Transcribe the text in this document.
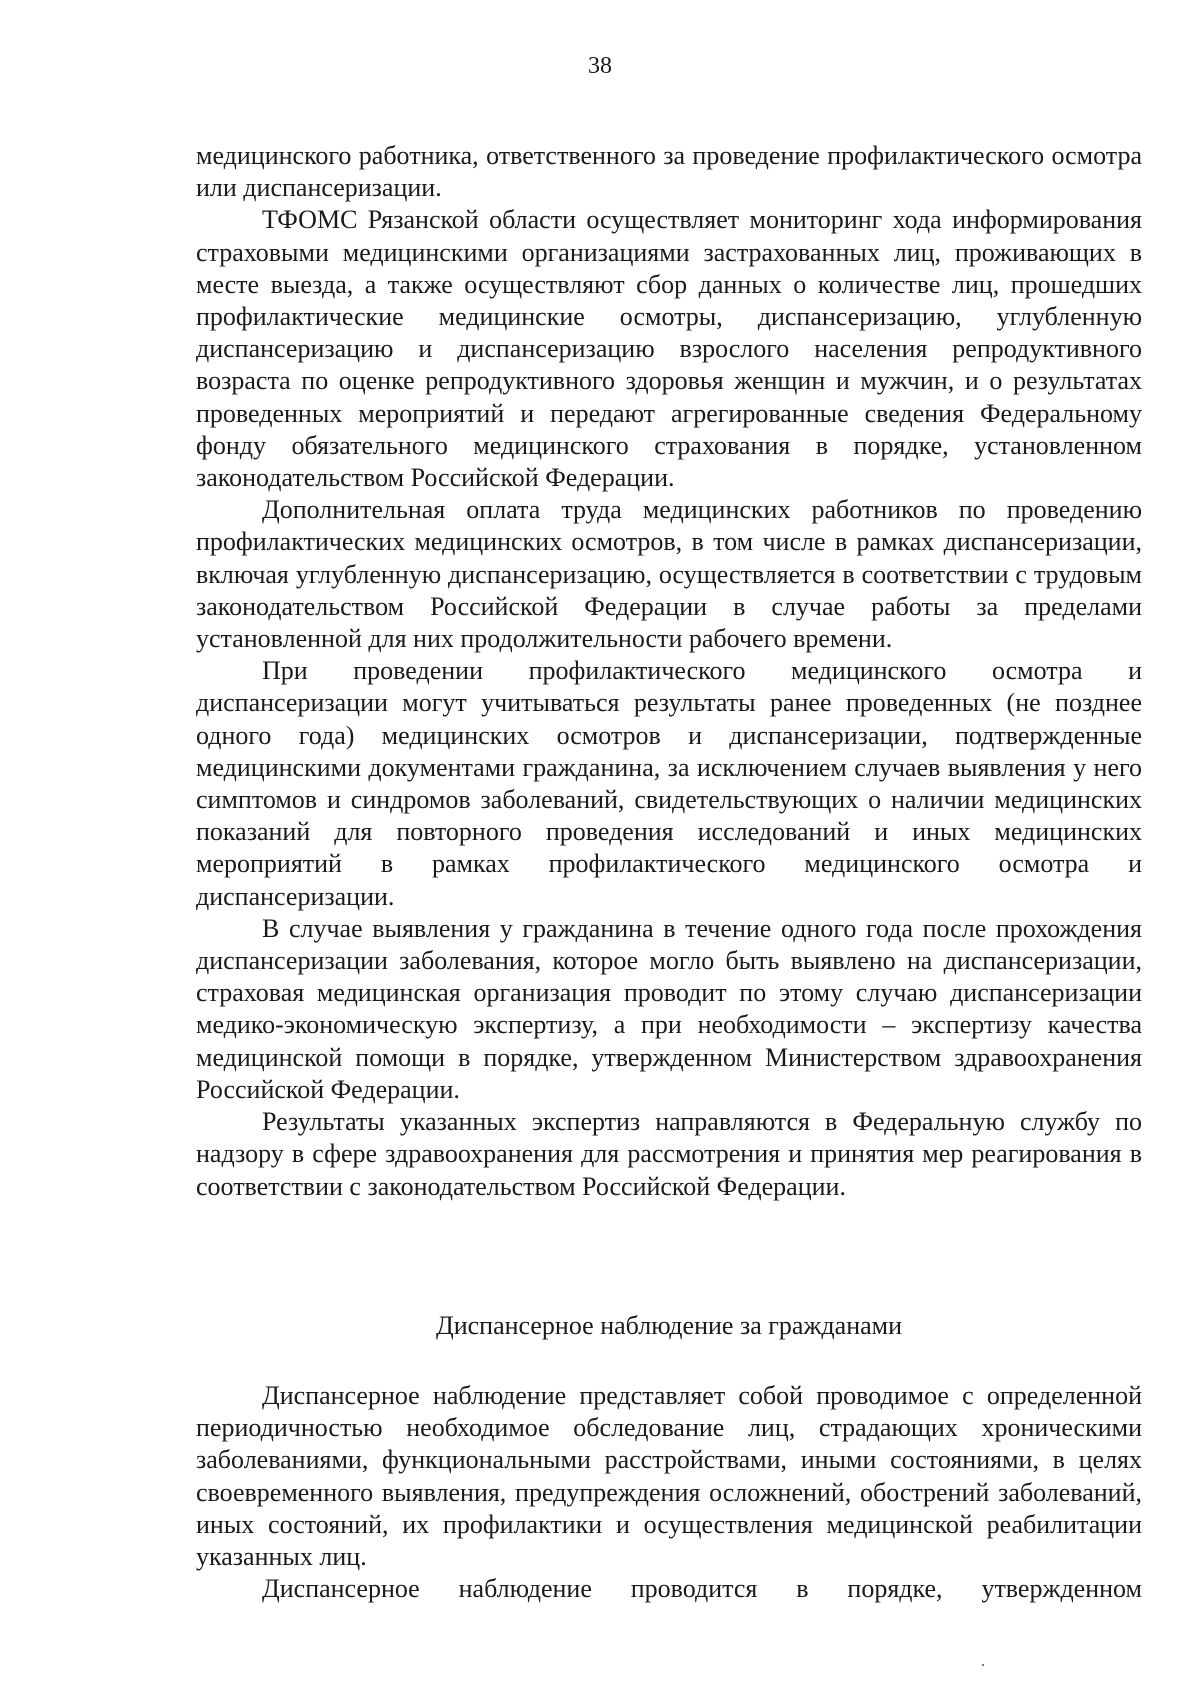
38

медицинского работника, ответственного за проведение профилактического осмотра или диспансеризации.

ТФОМС Рязанской области осуществляет мониторинг хода информирования страховыми медицинскими организациями застрахованных лиц, проживающих в месте выезда, а также осуществляют сбор данных о количестве лиц, прошедших профилактические медицинские осмотры, диспансеризацию, углубленную диспансеризацию и диспансеризацию взрослого населения репродуктивного возраста по оценке репродуктивного здоровья женщин и мужчин, и о результатах проведенных мероприятий и передают агрегированные сведения Федеральному фонду обязательного медицинского страхования в порядке, установленном законодательством Российской Федерации.

Дополнительная оплата труда медицинских работников по проведению профилактических медицинских осмотров, в том числе в рамках диспансеризации, включая углубленную диспансеризацию, осуществляется в соответствии с трудовым законодательством Российской Федерации в случае работы за пределами установленной для них продолжительности рабочего времени.

При проведении профилактического медицинского осмотра и диспансеризации могут учитываться результаты ранее проведенных (не позднее одного года) медицинских осмотров и диспансеризации, подтвержденные медицинскими документами гражданина, за исключением случаев выявления у него симптомов и синдромов заболеваний, свидетельствующих о наличии медицинских показаний для повторного проведения исследований и иных медицинских мероприятий в рамках профилактического медицинского осмотра и диспансеризации.

В случае выявления у гражданина в течение одного года после прохождения диспансеризации заболевания, которое могло быть выявлено на диспансеризации, страховая медицинская организация проводит по этому случаю диспансеризации медико-экономическую экспертизу, а при необходимости – экспертизу качества медицинской помощи в порядке, утвержденном Министерством здравоохранения Российской Федерации.

Результаты указанных экспертиз направляются в Федеральную службу по надзору в сфере здравоохранения для рассмотрения и принятия мер реагирования в соответствии с законодательством Российской Федерации.

Диспансерное наблюдение за гражданами

Диспансерное наблюдение представляет собой проводимое с определенной периодичностью необходимое обследование лиц, страдающих хроническими заболеваниями, функциональными расстройствами, иными состояниями, в целях своевременного выявления, предупреждения осложнений, обострений заболеваний, иных состояний, их профилактики и осуществления медицинской реабилитации указанных лиц.

Диспансерное наблюдение проводится в порядке, утвержденном
